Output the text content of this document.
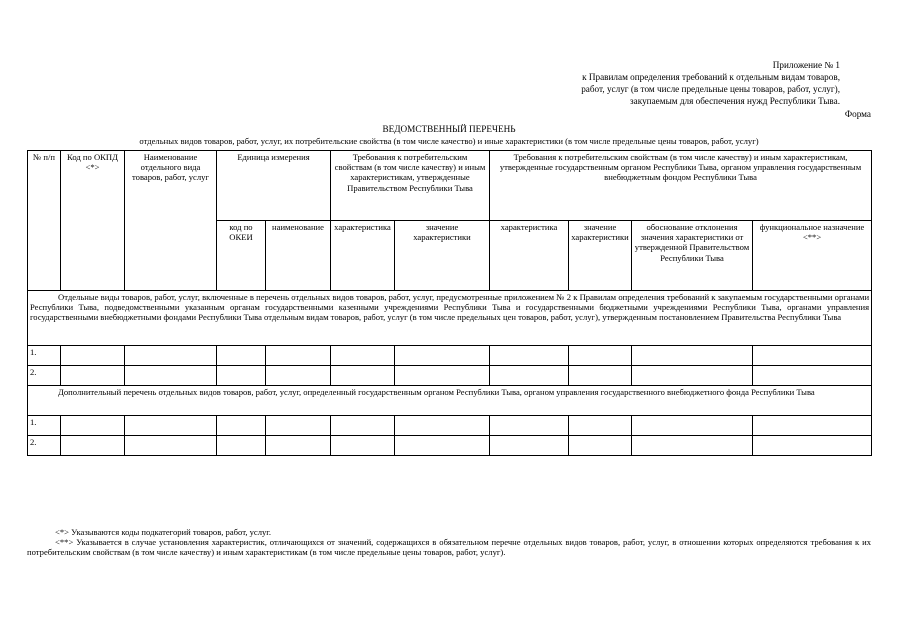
Приложение № 1
к Правилам определения требований к отдельным видам товаров,
работ, услуг (в том числе предельные цены товаров, работ, услуг),
закупаемым для обеспечения нужд Республики Тыва.
Форма
ВЕДОМСТВЕННЫЙ ПЕРЕЧЕНЬ
отдельных видов товаров, работ, услуг, их потребительские свойства (в том числе качество) и иные характеристики (в том числе предельные цены товаров, работ, услуг)
№ п/п	Код по ОКПД <*>	Наименование отдельного вида товаров, работ, услуг	Единица измерения		Требования к потребительским свойствам (в том числе качеству) и иным характеристикам, утвержденные Правительством Республики Тыва		Требования к потребительским свойствам (в том числе качеству) и иным характеристикам, утвержденные государственным органом Республики Тыва, органом управления государственным внебюджетным фондом Республики Тыва			
			код по ОКЕИ	наименование	характеристика	значение характеристики	характеристика	значение характеристики	обоснование отклонения значения характеристики от утвержденной Правительством Республики Тыва	функциональное назначение <**>
Отдельные виды товаров, работ, услуг, включенные в перечень отдельных видов товаров, работ, услуг, предусмотренные приложением № 2 к Правилам определения требований к закупаемым государственными органами Республики Тыва, подведомственными указанным органам государственными казенными учреждениями Республики Тыва и государственными бюджетными учреждениями Республики Тыва, органами управления государственными внебюджетными фондами Республики Тыва отдельным видам товаров, работ, услуг (в том числе предельных цен товаров, работ, услуг), утвержденным постановлением Правительства Республики Тыва										
1.										
2.										
Дополнительный перечень отдельных видов товаров, работ, услуг, определенный государственным органом Республики Тыва, органом управления государственного внебюджетного фонда Республики Тыва										
1.										
2.										

<*> Указываются коды подкатегорий товаров, работ, услуг.

<**> Указывается в случае установления характеристик, отличающихся от значений, содержащихся в обязательном перечне отдельных видов товаров, работ, услуг, в отношении которых определяются требования к их потребительским свойствам (в том числе качеству) и иным характеристикам (в том числе предельные цены товаров, работ, услуг).
